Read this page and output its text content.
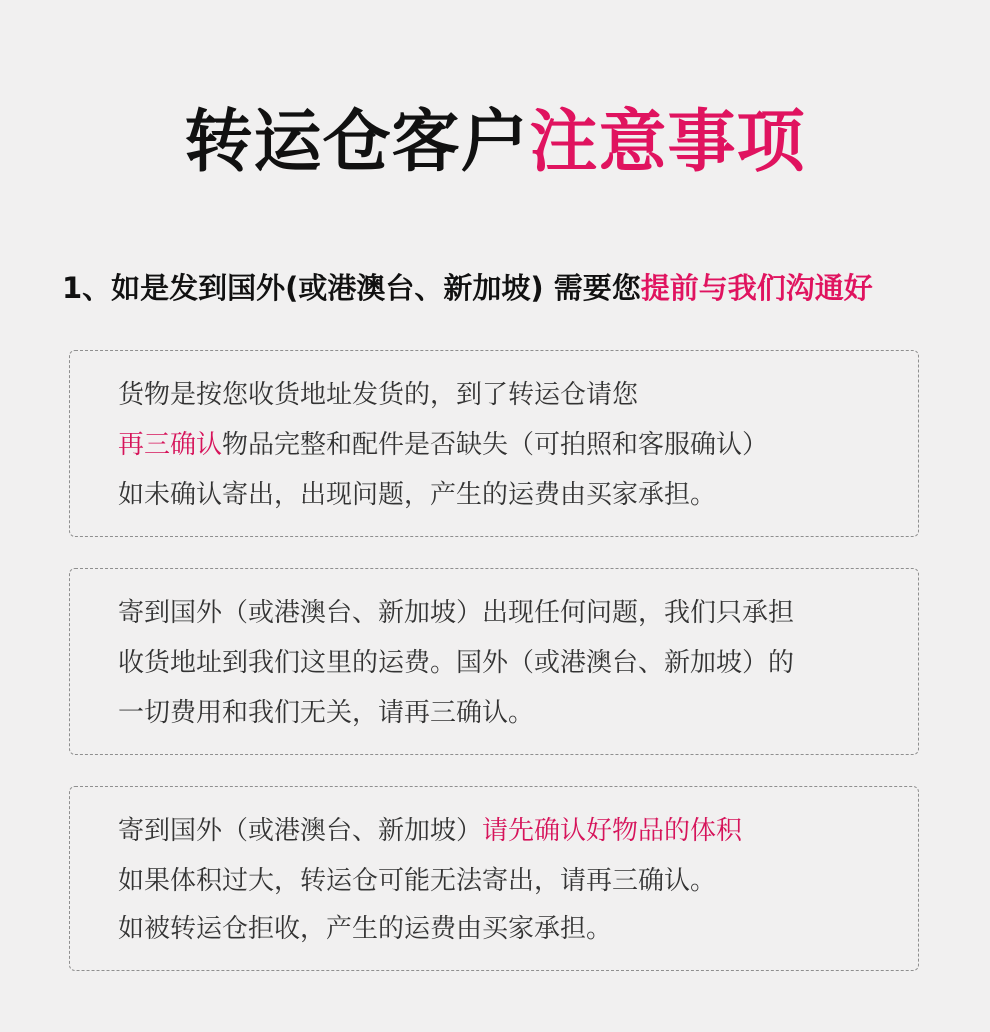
转运仓客户注意事项
1、如是发到国外(或港澳台、新加坡) 需要您提前与我们沟通好
货物是按您收货地址发货的，到了转运仓请您
再三确认物品完整和配件是否缺失（可拍照和客服确认）
如未确认寄出，出现问题，产生的运费由买家承担。
寄到国外（或港澳台、新加坡）出现任何问题，我们只承担
收货地址到我们这里的运费。国外（或港澳台、新加坡）的
一切费用和我们无关，请再三确认。
寄到国外（或港澳台、新加坡）请先确认好物品的体积
如果体积过大，转运仓可能无法寄出，请再三确认。
如被转运仓拒收，产生的运费由买家承担。
